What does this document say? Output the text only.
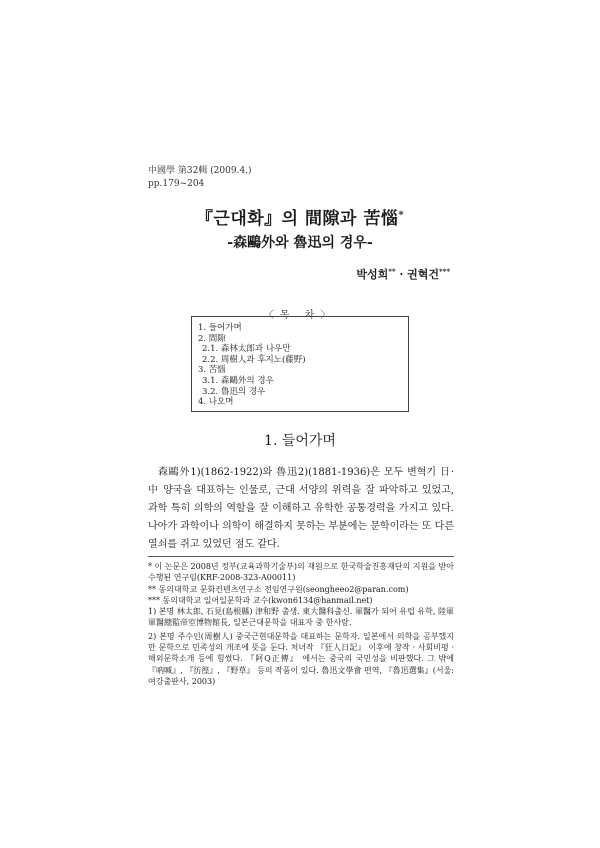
中國學 第32輯 (2009.4.)
pp.179~204
『근대화』의 間隙과 苦惱*
-森鷗外와 魯迅의 경우-
박성희** · 권혁건***
〈목 차〉
1. 들어가며
2. 間隙
2.1. 森林太郎과 나우만
2.2. 周樹人과 후지노(藤野)
3. 苦惱
3.1. 森鷗外의 경우
3.2. 魯迅의 경우
4. 나오며
1. 들어가며

森鷗外1)(1862-1922)와 魯迅2)(1881-1936)은 모두 변혁기 日·中 양국을 대표하는 인물로, 근대 서양의 위력을 잘 파악하고 있었고, 과학 특히 의학의 역할을 잘 이해하고 유학한 공통경력을 가지고 있다. 나아가 과학이나 의학이 해결하지 못하는 부분에는 문학이라는 또 다른 열쇠를 쥐고 있었던 점도 같다.

* 이 논문은 2008년 정부(교육과학기술부)의 재원으로 한국학술진흥재단의 지원을 받아 수행된 연구임(KRF-2008-323-A00011)

** 동의대학교 문화컨텐츠연구소 전임연구원(seongheeo2@paran.com)

*** 동의대학교 일어일문학과 교수(kwon6134@hanmail.net)

1) 본명 林太郎, 石見(島根縣) 津和野 출생. 東大醫科출신. 軍醫가 되어 유럽 유학, 陸軍軍醫總監帝室博物館長, 일본근대문학을 대표자 중 한사람.

2) 본명 주수인(周樹人) 중국근현대문학을 대표하는 문학자. 일본에서 의학을 공부했지만 문학으로 민족성의 개조에 뜻을 둔다. 처녀작 『狂人日記』 이후에 창작 · 사회비평 · 해외문학소개 등에 힘썼다. 『阿Q正傳』 에서는 중국의 국민성을 비판했다. 그 밖에 『吶喊』, 『彷徨』, 『野草』 등의 작품이 있다. 魯迅文學會 편역, 『魯迅選集』(서울: 여강출판사, 2003)
